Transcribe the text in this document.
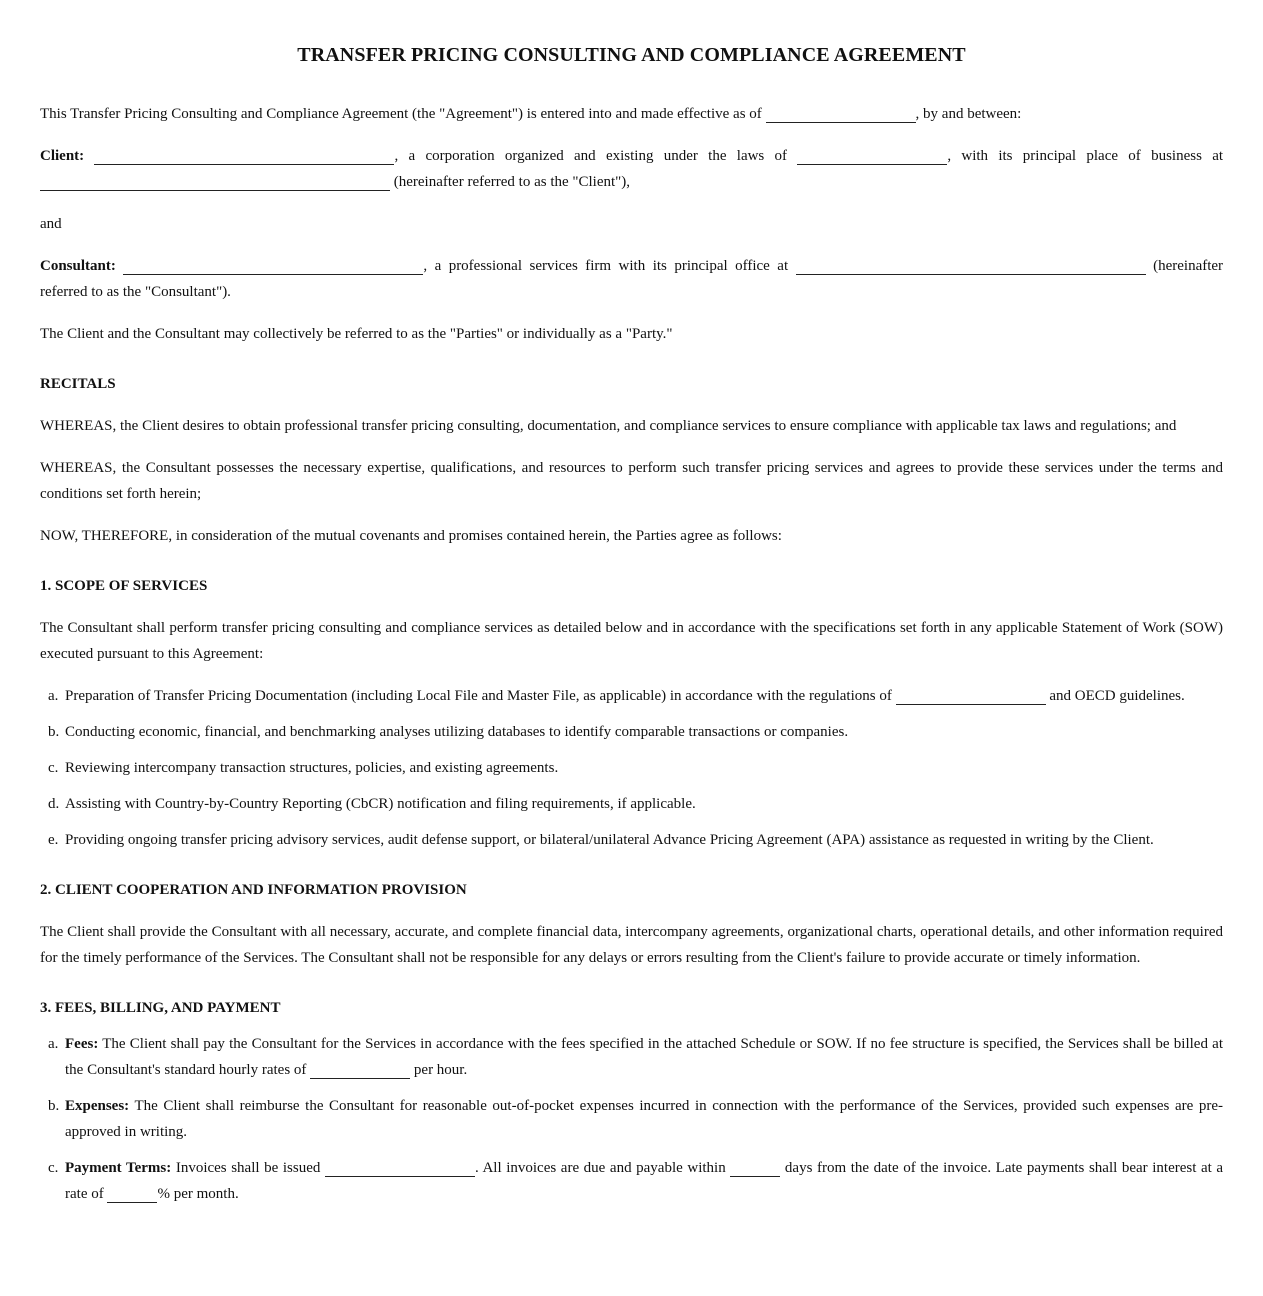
TRANSFER PRICING CONSULTING AND COMPLIANCE AGREEMENT

This Transfer Pricing Consulting and Compliance Agreement (the "Agreement") is entered into and made effective as of	, by and between:

Client:	, a corporation organized and existing under the laws of	, with its principal place of business at  (hereinafter referred to as the "Client"),

and

Consultant:	, a professional services firm with its principal office at	(hereinafter referred to as the "Consultant").

The Client and the Consultant may collectively be referred to as the "Parties" or individually as a "Party."

RECITALS

WHEREAS, the Client desires to obtain professional transfer pricing consulting, documentation, and compliance services to ensure compliance with applicable tax laws and regulations; and

WHEREAS, the Consultant possesses the necessary expertise, qualifications, and resources to perform such transfer pricing services and agrees to provide these services under the terms and conditions set forth herein;

NOW, THEREFORE, in consideration of the mutual covenants and promises contained herein, the Parties agree as follows:

1. SCOPE OF SERVICES

The Consultant shall perform transfer pricing consulting and compliance services as detailed below and in accordance with the specifications set forth in any applicable Statement of Work (SOW) executed pursuant to this Agreement:

a. Preparation of Transfer Pricing Documentation (including Local File and Master File, as applicable) in accordance with the regulations of	and OECD guidelines.
b. Conducting economic, financial, and benchmarking analyses utilizing databases to identify comparable transactions or companies.
c. Reviewing intercompany transaction structures, policies, and existing agreements.
d. Assisting with Country-by-Country Reporting (CbCR) notification and filing requirements, if applicable.
e. Providing ongoing transfer pricing advisory services, audit defense support, or bilateral/unilateral Advance Pricing Agreement (APA) assistance as requested in writing by the Client.
2. CLIENT COOPERATION AND INFORMATION PROVISION

The Client shall provide the Consultant with all necessary, accurate, and complete financial data, intercompany agreements, organizational charts, operational details, and other information required for the timely performance of the Services. The Consultant shall not be responsible for any delays or errors resulting from the Client's failure to provide accurate or timely information.

3. FEES, BILLING, AND PAYMENT
a. Fees: The Client shall pay the Consultant for the Services in accordance with the fees specified in the attached Schedule or SOW. If no fee structure is specified, the Services shall be billed at the Consultant's standard hourly rates of	per hour.
b. Expenses: The Client shall reimburse the Consultant for reasonable out-of-pocket expenses incurred in connection with the performance of the Services, provided such expenses are pre-approved in writing.
c. Payment Terms: Invoices shall be issued	. All invoices are due and payable within	days from the date of the invoice. Late payments shall bear interest at a rate of	% per month.
